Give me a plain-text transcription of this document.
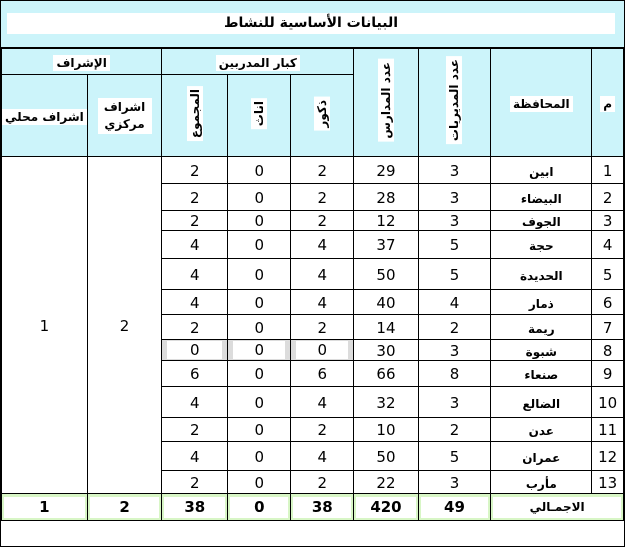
البيانات الأساسية للنشاط
م	المحافظة	عدد المديريات	عدد المدارس	كبار المدربين			الإشراف	
				ذكور	اناث	المجموع	اشراف مركزي	اشراف محلي
1	ابين	3	29	2	0	2	2	1
2	البيضاء	3	28	2	0	2		
3	الجوف	3	12	2	0	2		
4	حجة	5	37	4	0	4		
5	الحديدة	5	50	4	0	4		
6	ذمار	4	40	4	0	4		
7	ريمة	2	14	2	0	2		
8	شبوة	3	30	0	0	0		

9	صنعاء	8	66	6	0	6		
10	الضالع	3	32	4	0	4		
11	عدن	2	10	2	0	2		
12	عمران	5	50	4	0	4		
13	مأرب	3	22	2	0	2		

الاجمـالي		49	420	38	0	38	2	1
